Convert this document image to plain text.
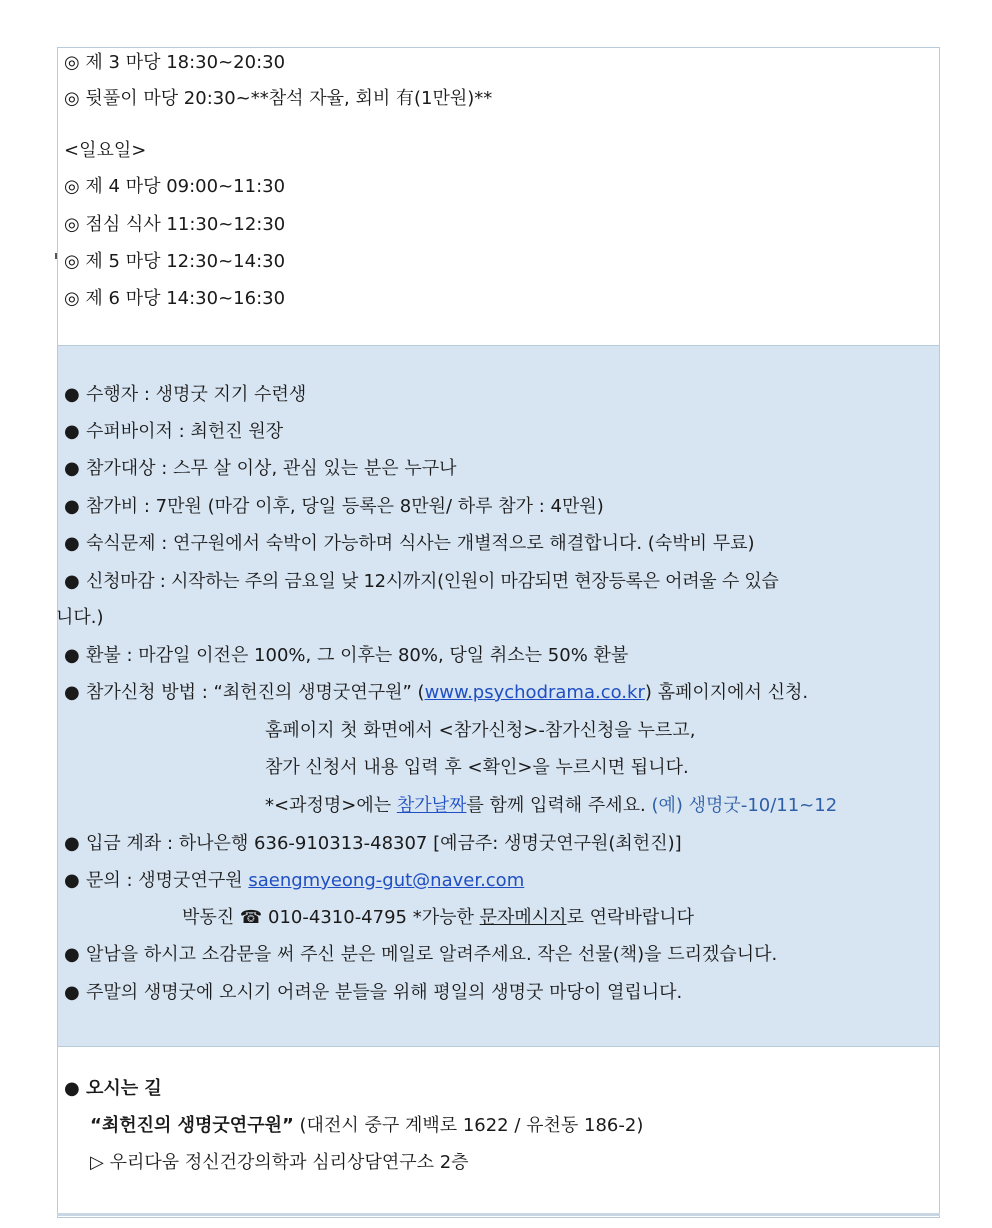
◎ 제 3 마당 18:30~20:30
◎ 뒷풀이 마당 20:30~**참석 자율, 회비 有(1만원)**
<일요일>
◎ 제 4 마당 09:00~11:30
◎ 점심 식사 11:30~12:30
◎ 제 5 마당 12:30~14:30
◎ 제 6 마당 14:30~16:30
● 수행자 : 생명굿 지기 수련생
● 수퍼바이저 : 최헌진 원장
● 참가대상 : 스무 살 이상, 관심 있는 분은 누구나
● 참가비 : 7만원 (마감 이후, 당일 등록은 8만원/ 하루 참가 : 4만원)
● 숙식문제 : 연구원에서 숙박이 가능하며 식사는 개별적으로 해결합니다. (숙박비 무료)
● 신청마감 : 시작하는 주의 금요일 낮 12시까지(인원이 마감되면 현장등록은 어려울 수 있습
니다.)
● 환불 : 마감일 이전은 100%, 그 이후는 80%, 당일 취소는 50% 환불
● 참가신청 방법 : “최헌진의 생명굿연구원” (www.psychodrama.co.kr) 홈페이지에서 신청.
홈페이지 첫 화면에서 <참가신청>-참가신청을 누르고,
참가 신청서 내용 입력 후 <확인>을 누르시면 됩니다.
*<과정명>에는 참가날짜를 함께 입력해 주세요. (예) 생명굿-10/11~12
● 입금 계좌 : 하나은행 636-910313-48307 [예금주: 생명굿연구원(최헌진)]
● 문의 : 생명굿연구원 saengmyeong-gut@naver.com
박동진 ☎ 010-4310-4795 *가능한 문자메시지로 연락바랍니다
● 알남을 하시고 소감문을 써 주신 분은 메일로 알려주세요. 작은 선물(책)을 드리겠습니다.
● 주말의 생명굿에 오시기 어려운 분들을 위해 평일의 생명굿 마당이 열립니다.
● 오시는 길
“최헌진의 생명굿연구원” (대전시 중구 계백로 1622 / 유천동 186-2)
▷ 우리다움 정신건강의학과 심리상담연구소 2층
